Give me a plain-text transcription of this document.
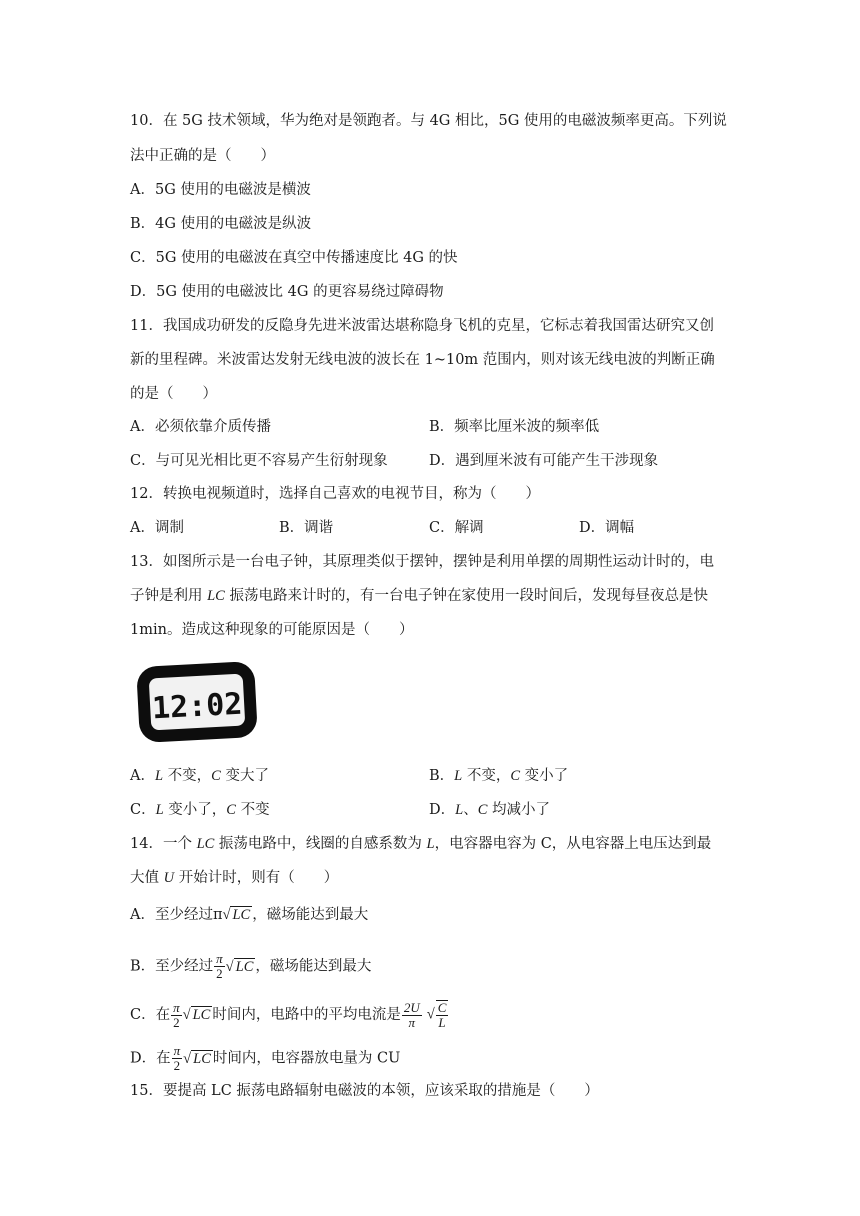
10．在 5G 技术领域，华为绝对是领跑者。与 4G 相比，5G 使用的电磁波频率更高。下列说
法中正确的是（　　）
A．5G 使用的电磁波是横波
B．4G 使用的电磁波是纵波
C．5G 使用的电磁波在真空中传播速度比 4G 的快
D．5G 使用的电磁波比 4G 的更容易绕过障碍物
11．我国成功研发的反隐身先进米波雷达堪称隐身飞机的克星，它标志着我国雷达研究又创
新的里程碑。米波雷达发射无线电波的波长在 1~10m 范围内，则对该无线电波的判断正确
的是（　　）
A．必须依靠介质传播	B．频率比厘米波的频率低
C．与可见光相比更不容易产生衍射现象	D．遇到厘米波有可能产生干涉现象
12．转换电视频道时，选择自己喜欢的电视节目，称为（　　）
A．调制	B．调谐	C．解调	D．调幅
13．如图所示是一台电子钟，其原理类似于摆钟，摆钟是利用单摆的周期性运动计时的，电
子钟是利用 LC 振荡电路来计时的，有一台电子钟在家使用一段时间后，发现每昼夜总是快
1min。造成这种现象的可能原因是（　　）
12:02
A．L 不变，C 变大了	B．L 不变，C 变小了
C．L 变小了，C 不变	D．L、C 均减小了
14．一个 LC 振荡电路中，线圈的自感系数为 L，电容器电容为 C，从电容器上电压达到最
大值 U 开始计时，则有（　　）
A．至少经过π√ LC ，磁场能达到最大
B．至少经过 $\frac{\pi}{2}$ √ LC ，磁场能达到最大
C．在 $\frac{\pi}{2}$ √ LC 时间内，电路中的平均电流是 $\frac{2U}{\pi}$ √ $\frac{C}{L}$
D．在 $\frac{\pi}{2}$ √ LC 时间内，电容器放电量为 CU
15．要提高 LC 振荡电路辐射电磁波的本领，应该采取的措施是（　　）
